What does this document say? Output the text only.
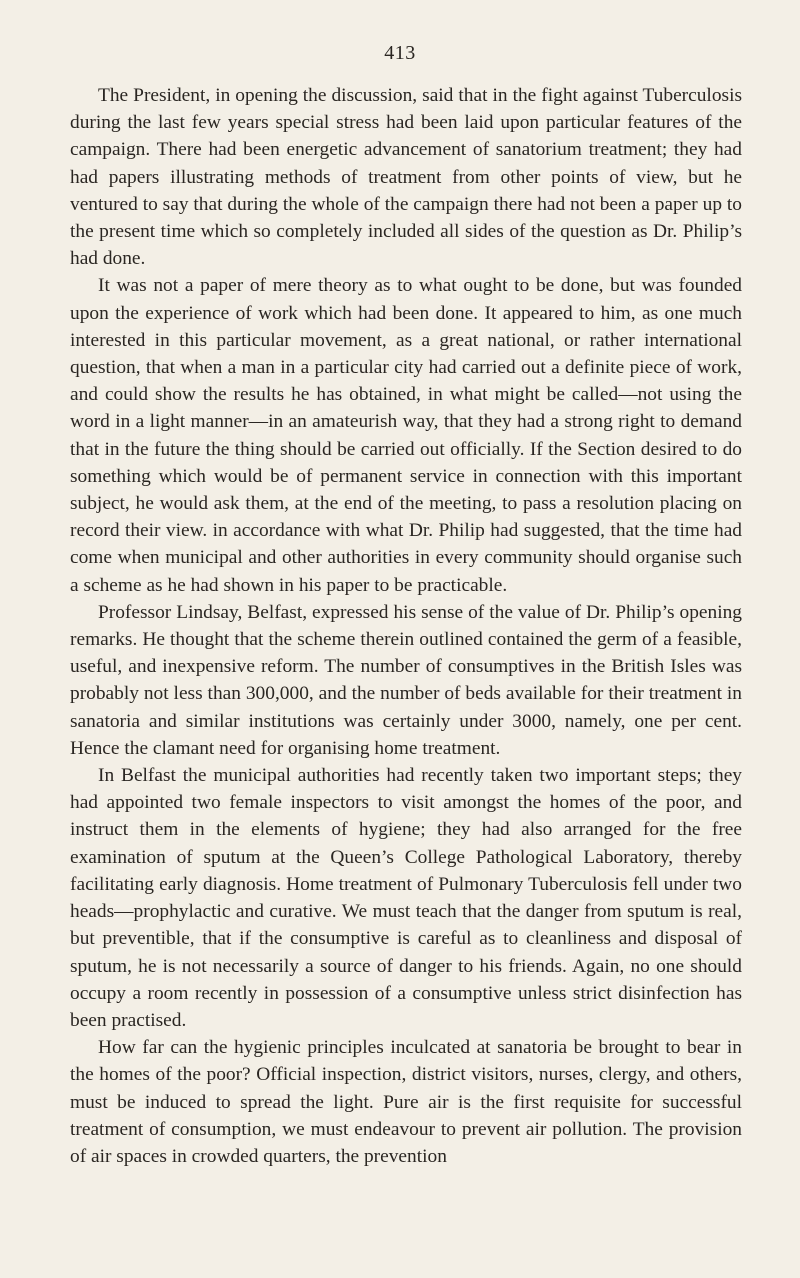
413

The President, in opening the discussion, said that in the fight against Tuberculosis during the last few years special stress had been laid upon particular features of the campaign. There had been energetic advancement of sanatorium treatment; they had had papers illustrating methods of treatment from other points of view, but he ventured to say that during the whole of the campaign there had not been a paper up to the present time which so completely included all sides of the question as Dr. Philip’s had done.

It was not a paper of mere theory as to what ought to be done, but was founded upon the experience of work which had been done. It appeared to him, as one much interested in this particular movement, as a great national, or rather international question, that when a man in a particular city had carried out a definite piece of work, and could show the results he has obtained, in what might be called—not using the word in a light manner—in an amateurish way, that they had a strong right to demand that in the future the thing should be carried out officially. If the Section desired to do something which would be of permanent service in connection with this important subject, he would ask them, at the end of the meeting, to pass a resolution placing on record their view. in accordance with what Dr. Philip had suggested, that the time had come when municipal and other authorities in every community should organise such a scheme as he had shown in his paper to be practicable.

Professor Lindsay, Belfast, expressed his sense of the value of Dr. Philip’s opening remarks. He thought that the scheme therein outlined contained the germ of a feasible, useful, and inexpensive reform. The number of consumptives in the British Isles was probably not less than 300,000, and the number of beds available for their treatment in sanatoria and similar institutions was certainly under 3000, namely, one per cent. Hence the clamant need for organising home treatment.

In Belfast the municipal authorities had recently taken two important steps; they had appointed two female inspectors to visit amongst the homes of the poor, and instruct them in the elements of hygiene; they had also arranged for the free examination of sputum at the Queen’s College Pathological Laboratory, thereby facilitating early diagnosis. Home treatment of Pulmonary Tuberculosis fell under two heads—prophylactic and curative. We must teach that the danger from sputum is real, but preventible, that if the consumptive is careful as to cleanliness and disposal of sputum, he is not necessarily a source of danger to his friends. Again, no one should occupy a room recently in possession of a consumptive unless strict disinfection has been practised.

How far can the hygienic principles inculcated at sanatoria be brought to bear in the homes of the poor? Official inspection, district visitors, nurses, clergy, and others, must be induced to spread the light. Pure air is the first requisite for successful treatment of consumption, we must endeavour to prevent air pollution. The provision of air spaces in crowded quarters, the prevention
